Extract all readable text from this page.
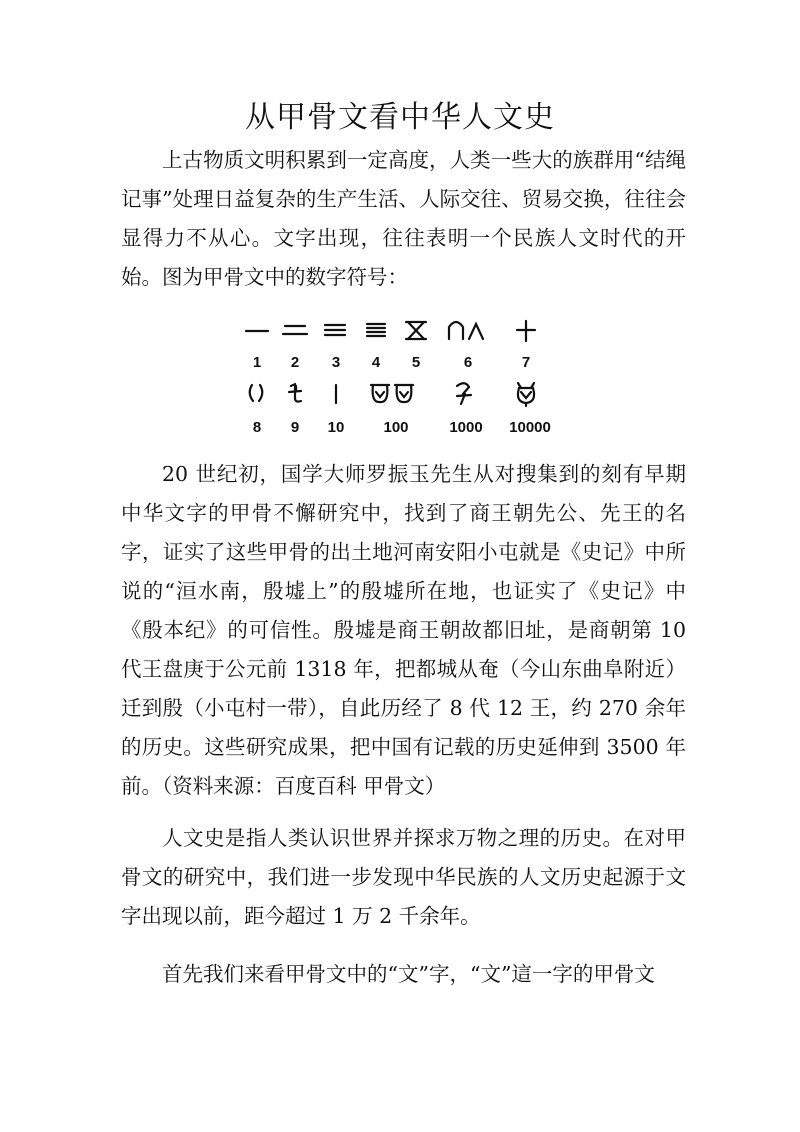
从甲骨文看中华人文史

上古物质文明积累到一定高度，人类一些大的族群用“结绳记事”处理日益复杂的生产生活、人际交往、贸易交换，往往会显得力不从心。文字出现，往往表明一个民族人文时代的开始。图为甲骨文中的数字符号：

1	2	3	4	5	6	7
8	9	10	100	1000	10000

20 世纪初，国学大师罗振玉先生从对搜集到的刻有早期中华文字的甲骨不懈研究中，找到了商王朝先公、先王的名字，证实了这些甲骨的出土地河南安阳小屯就是《史记》中所说的“洹水南，殷墟上”的殷墟所在地，也证实了《史记》中《殷本纪》的可信性。殷墟是商王朝故都旧址，是商朝第 10 代王盘庚于公元前 1318 年，把都城从奄（今山东曲阜附近）迁到殷（小屯村一带），自此历经了 8 代 12 王，约 270 余年的历史。这些研究成果，把中国有记载的历史延伸到 3500 年前。（资料来源：百度百科 甲骨文）

人文史是指人类认识世界并探求万物之理的历史。在对甲骨文的研究中，我们进一步发现中华民族的人文历史起源于文字出现以前，距今超过 1 万 2 千余年。

首先我们来看甲骨文中的“文”字，“文”這一字的甲骨文
